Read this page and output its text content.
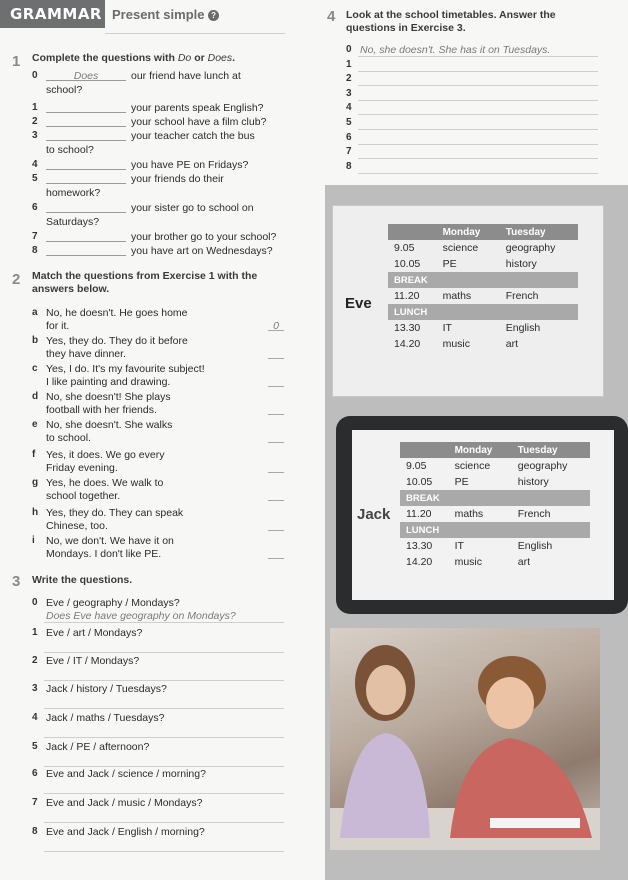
GRAMMAR Present simple ?
1 Complete the questions with Do or Does.
0	Does	our friend have lunch at
school?
1	your parents speak English?
2	your school have a film club?
3	your teacher catch the bus
to school?
4	you have PE on Fridays?
5	your friends do their
homework?
6	your sister go to school on
Saturdays?
7	your brother go to your school?
8	you have art on Wednesdays?
2 Match the questions from Exercise 1 with the
answers below.
a No, he doesn't. He goes home
for it.	0
b Yes, they do. They do it before
they have dinner.
c Yes, I do. It's my favourite subject!
I like painting and drawing.
d No, she doesn't! She plays
football with her friends.
e No, she doesn't. She walks
to school.
f Yes, it does. We go every
Friday evening.
g Yes, he does. We walk to
school together.
h Yes, they do. They can speak
Chinese, too.
i No, we don't. We have it on
Mondays. I don't like PE.
3 Write the questions.
0 Eve / geography / Mondays?
Does Eve have geography on Mondays?
1 Eve / art / Mondays?
2 Eve / IT / Mondays?
3 Jack / history / Tuesdays?
4 Jack / maths / Tuesdays?
5 Jack / PE / afternoon?
6 Eve and Jack / science / morning?
7 Eve and Jack / music / Mondays?
8 Eve and Jack / English / morning?
4 Look at the school timetables. Answer the
questions in Exercise 3.
0 No, she doesn't. She has it on Tuesdays.
1
2
3
4
5
6
7
8
Eve
	Monday	Tuesday
9.05	science	geography
10.05	PE	history
BREAK		
11.20	maths	French
LUNCH		
13.30	IT	English
14.20	music	art
Jack
	Monday	Tuesday
9.05	science	geography
10.05	PE	history
BREAK		
11.20	maths	French
LUNCH		
13.30	IT	English
14.20	music	art
